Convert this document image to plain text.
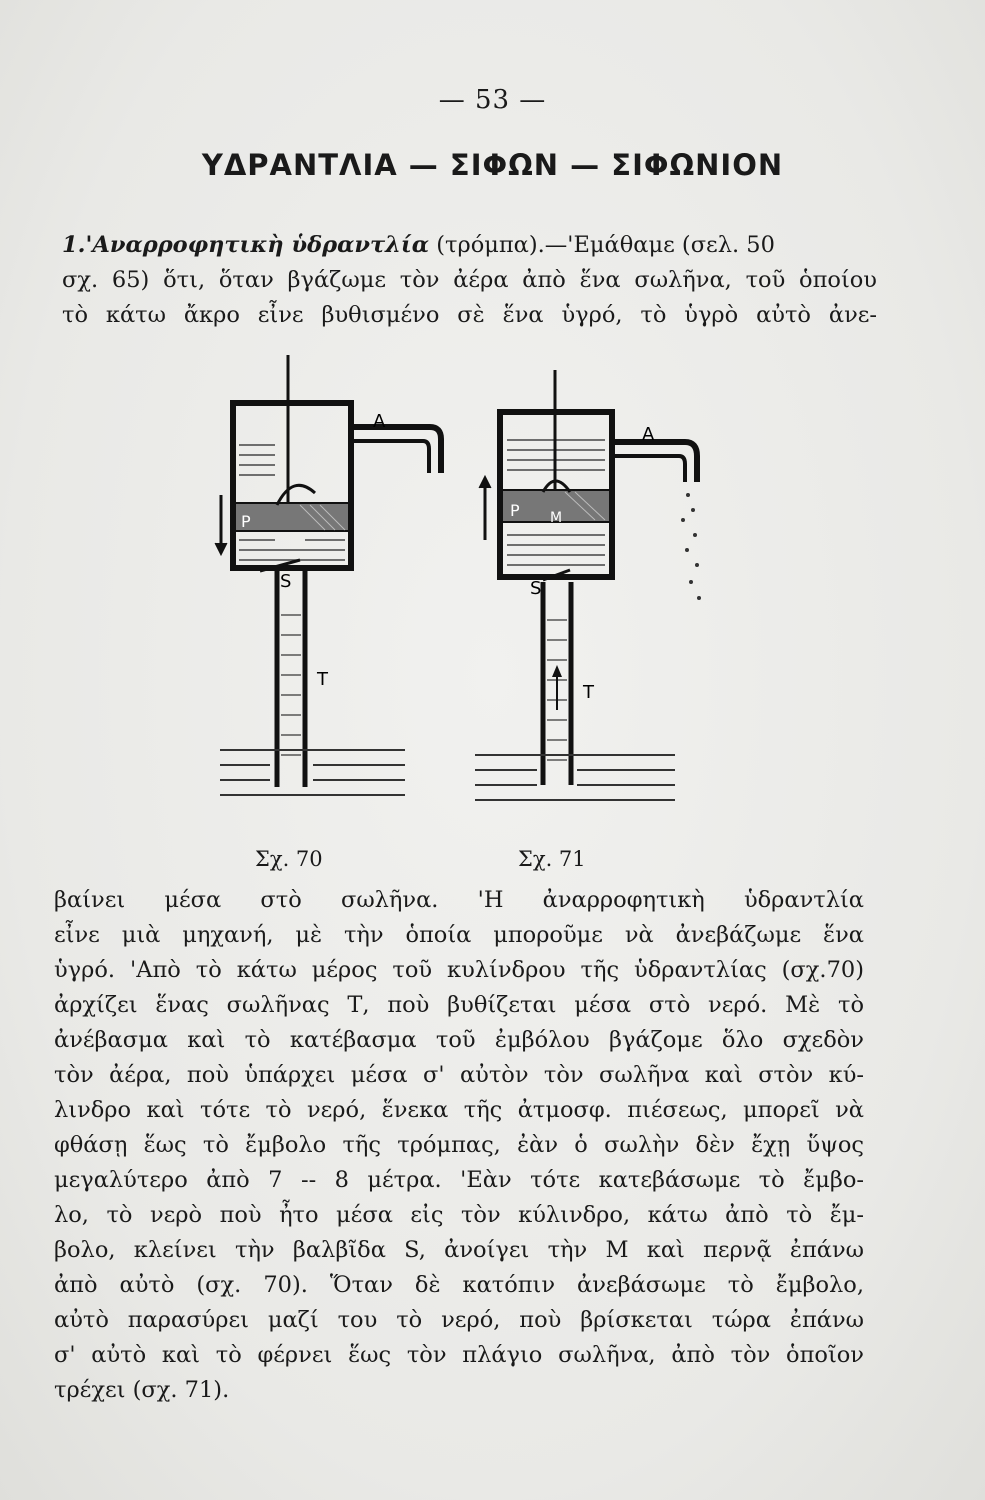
— 53 —
ΥΔΡΑΝΤΛΙΑ — ΣΙΦΩΝ — ΣΙΦΩΝΙΟΝ
1.'Αναρροφητικὴ ὑδραντλία (τρόμπα).—'Εμάθαμε (σελ. 50
σχ. 65) ὅτι, ὅταν βγάζωμε τὸν ἀέρα ἀπὸ ἕνα σωλῆνα, τοῦ ὁποίου
τὸ κάτω ἄκρο εἶνε βυθισμένο σὲ ἕνα ὑγρό, τὸ ὑγρὸ αὐτὸ ἀνε-
A
P
S
T
A
P M
S
T
Σχ. 70	Σχ. 71
βαίνει μέσα στὸ σωλῆνα. 'Η ἀναρροφητικὴ ὑδραντλία
εἶνε μιὰ μηχανή, μὲ τὴν ὁποία μποροῦμε νὰ ἀνεβάζωμε ἕνα
ὑγρό. 'Απὸ τὸ κάτω μέρος τοῦ κυλίνδρου τῆς ὑδραντλίας (σχ.70)
ἀρχίζει ἕνας σωλῆνας Τ, ποὺ βυθίζεται μέσα στὸ νερό. Μὲ τὸ
ἀνέβασμα καὶ τὸ κατέβασμα τοῦ ἐμβόλου βγάζομε ὅλο σχεδὸν
τὸν ἀέρα, ποὺ ὑπάρχει μέσα σ' αὐτὸν τὸν σωλῆνα καὶ στὸν κύ-
λινδρο καὶ τότε τὸ νερό, ἕνεκα τῆς ἀτμοσφ. πιέσεως, μπορεῖ νὰ
φθάσῃ ἕως τὸ ἔμβολο τῆς τρόμπας, ἐὰν ὁ σωλὴν δὲν ἔχῃ ὕψος
μεγαλύτερο ἀπὸ 7 -- 8 μέτρα. 'Εὰν τότε κατεβάσωμε τὸ ἔμβο-
λο, τὸ νερὸ ποὺ ἦτο μέσα εἰς τὸν κύλινδρο, κάτω ἀπὸ τὸ ἔμ-
βολο, κλείνει τὴν βαλβῖδα S, ἀνοίγει τὴν Μ καὶ περνᾷ ἐπάνω
ἀπὸ αὐτὸ (σχ. 70). Ὅταν δὲ κατόπιν ἀνεβάσωμε τὸ ἔμβολο,
αὐτὸ παρασύρει μαζί του τὸ νερό, ποὺ βρίσκεται τώρα ἐπάνω
σ' αὐτὸ καὶ τὸ φέρνει ἕως τὸν πλάγιο σωλῆνα, ἀπὸ τὸν ὁποῖον
τρέχει (σχ. 71).
